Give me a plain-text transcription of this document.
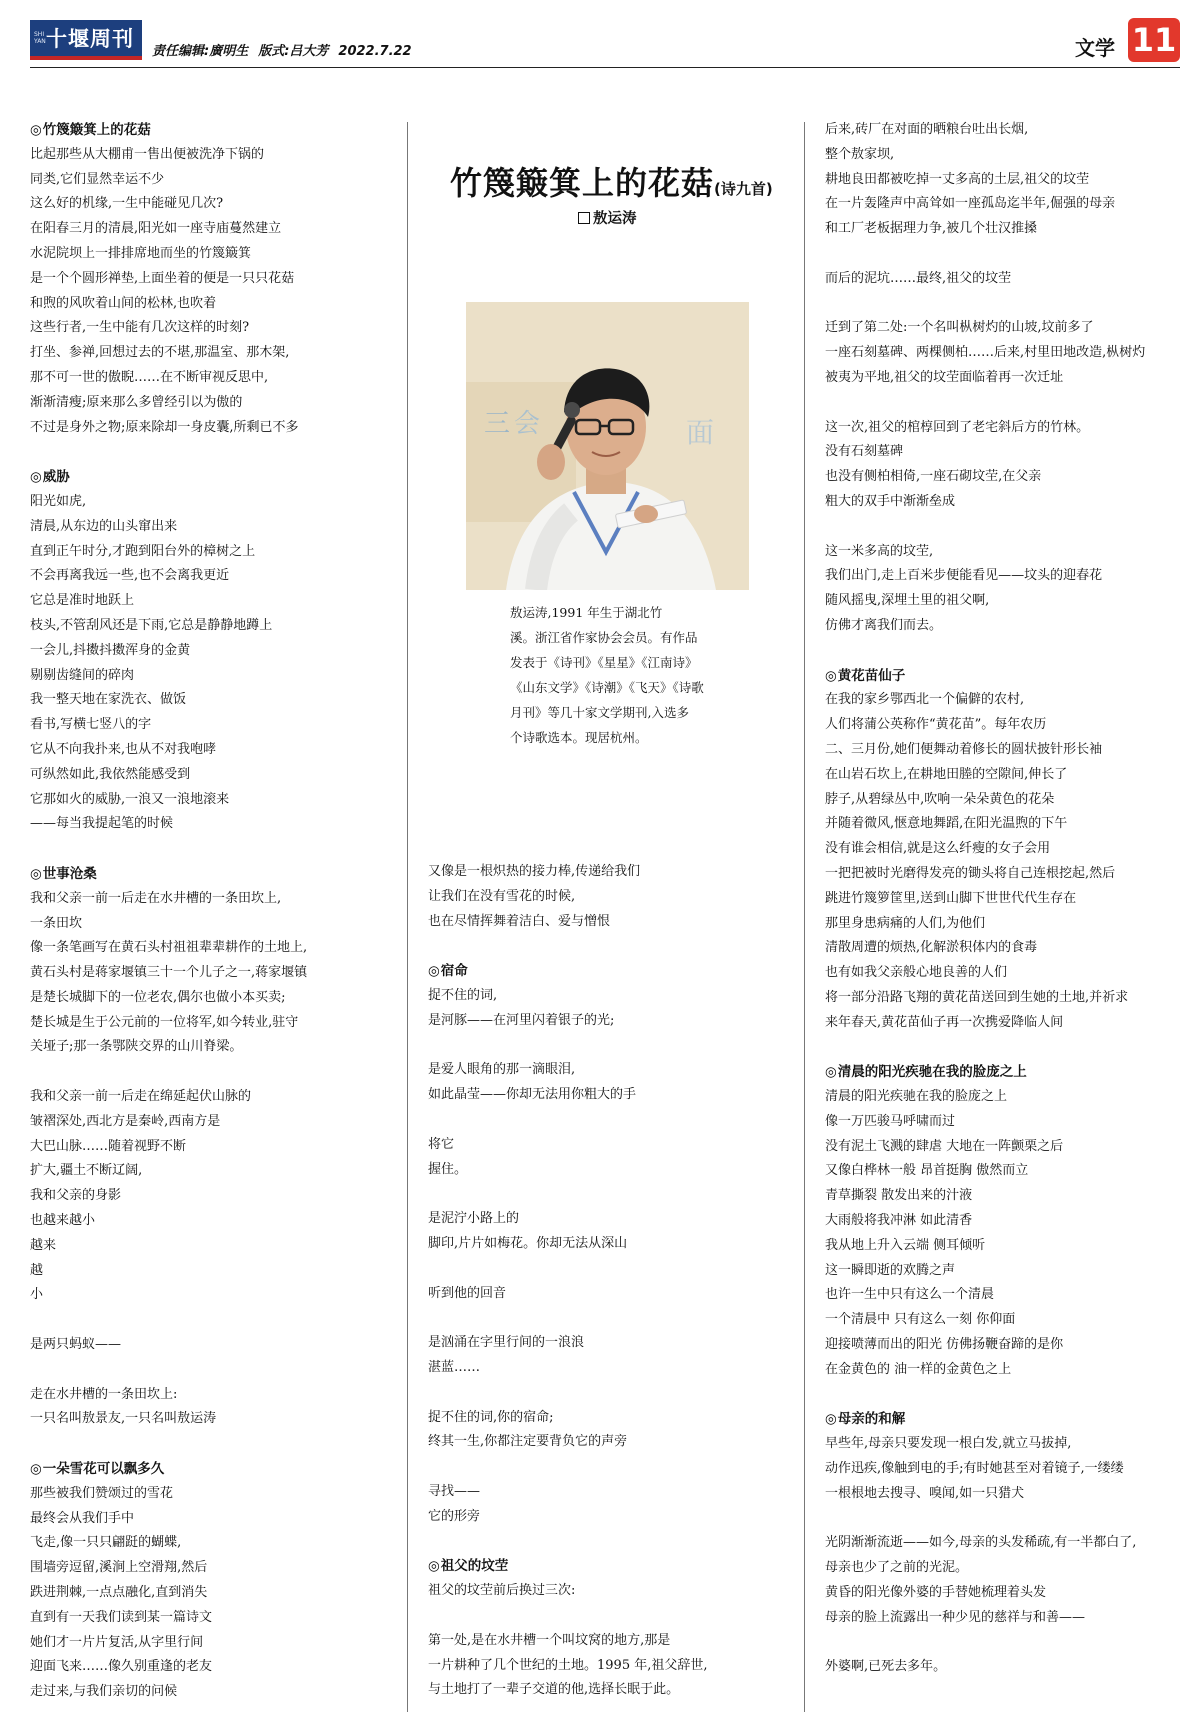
SHI YAN 十堰周刊
责任编辑:廣明生 版式:吕大芳 2022.7.22	文学 11
◎竹篾簸箕上的花菇
比起那些从大棚甫一售出便被洗净下锅的
同类,它们显然幸运不少
这么好的机缘,一生中能碰见几次?
在阳春三月的清晨,阳光如一座寺庙蔓然建立
水泥院坝上一排排席地而坐的竹篾簸箕
是一个个圆形禅垫,上面坐着的便是一只只花菇
和煦的风吹着山间的松林,也吹着
这些行者,一生中能有几次这样的时刻?
打坐、参禅,回想过去的不堪,那温室、那木架,
那不可一世的傲睨……在不断审视反思中,
渐渐清瘦;原来那么多曾经引以为傲的
不过是身外之物;原来除却一身皮囊,所剩已不多
◎威胁
阳光如虎,
清晨,从东边的山头窜出来
直到正午时分,才跑到阳台外的樟树之上
不会再离我远一些,也不会离我更近
它总是准时地跃上
枝头,不管刮风还是下雨,它总是静静地蹲上
一会儿,抖擞抖擞浑身的金黄
剔剔齿缝间的碎肉
我一整天地在家洗衣、做饭
看书,写横七竖八的字
它从不向我扑来,也从不对我咆哮
可纵然如此,我依然能感受到
它那如火的威胁,一浪又一浪地滚来
——每当我提起笔的时候
◎世事沧桑
我和父亲一前一后走在水井槽的一条田坎上,
一条田坎
像一条笔画写在黄石头村祖祖辈辈耕作的土地上,
黄石头村是蒋家堰镇三十一个儿子之一,蒋家堰镇
是楚长城脚下的一位老农,偶尔也做小本买卖;
楚长城是生于公元前的一位将军,如今转业,驻守
关垭子;那一条鄂陕交界的山川脊梁。
我和父亲一前一后走在绵延起伏山脉的
皱褶深处,西北方是秦岭,西南方是
大巴山脉……随着视野不断
扩大,疆土不断辽阔,
我和父亲的身影
也越来越小
越来
越
小
是两只蚂蚁——
走在水井槽的一条田坎上:
一只名叫敖景友,一只名叫敖运涛
◎一朵雪花可以飘多久
那些被我们赞颂过的雪花
最终会从我们手中
飞走,像一只只翩跹的蝴蝶,
围墙旁逗留,溪涧上空滑翔,然后
跌进荆棘,一点点融化,直到消失
直到有一天我们读到某一篇诗文
她们才一片片复活,从字里行间
迎面飞来……像久别重逢的老友
走过来,与我们亲切的问候
竹篾簸箕上的花菇(诗九首)
敖运涛
三 会	面
敖运涛,1991 年生于湖北竹
溪。浙江省作家协会会员。有作品
发表于《诗刊》《星星》《江南诗》
《山东文学》《诗潮》《飞天》《诗歌
月刊》等几十家文学期刊,入选多
个诗歌选本。现居杭州。
又像是一根炽热的接力棒,传递给我们
让我们在没有雪花的时候,
也在尽情挥舞着洁白、爱与憎恨
◎宿命
捉不住的词,
是河豚——在河里闪着银子的光;
是爱人眼角的那一滴眼泪,
如此晶莹——你却无法用你粗大的手
将它
握住。
是泥泞小路上的
脚印,片片如梅花。你却无法从深山
听到他的回音
是汹涌在字里行间的一浪浪
湛蓝……
捉不住的词,你的宿命;
终其一生,你都注定要背负它的声旁
寻找——
它的形旁
◎祖父的坟茔
祖父的坟茔前后换过三次:
第一处,是在水井槽一个叫坟窝的地方,那是
一片耕种了几个世纪的土地。1995 年,祖父辞世,
与土地打了一辈子交道的他,选择长眠于此。
后来,砖厂在对面的晒粮台吐出长烟,
整个敖家坝,
耕地良田都被吃掉一丈多高的土层,祖父的坟茔
在一片轰隆声中高耸如一座孤岛迄半年,倔强的母亲
和工厂老板据理力争,被几个壮汉推搡
而后的泥坑……最终,祖父的坟茔
迁到了第二处:一个名叫枞树灼的山坡,坟前多了
一座石刻墓碑、两棵侧柏……后来,村里田地改造,枞树灼
被夷为平地,祖父的坟茔面临着再一次迁址
这一次,祖父的棺椁回到了老宅斜后方的竹林。
没有石刻墓碑
也没有侧柏相倚,一座石砌坟茔,在父亲
粗大的双手中渐渐垒成
这一米多高的坟茔,
我们出门,走上百米步便能看见——坟头的迎春花
随风摇曳,深埋土里的祖父啊,
仿佛才离我们而去。
◎黄花苗仙子
在我的家乡鄂西北一个偏僻的农村,
人们将蒲公英称作“黄花苗”。每年农历
二、三月份,她们便舞动着修长的圆状披针形长袖
在山岩石坎上,在耕地田塍的空隙间,伸长了
脖子,从碧绿丛中,吹响一朵朵黄色的花朵
并随着微风,惬意地舞蹈,在阳光温煦的下午
没有谁会相信,就是这么纤瘦的女子会用
一把把被时光磨得发亮的锄头将自己连根挖起,然后
跳进竹篾箩筐里,送到山脚下世世代代生存在
那里身患病痛的人们,为他们
清散周遭的烦热,化解淤积体内的食毒
也有如我父亲般心地良善的人们
将一部分沿路飞翔的黄花苗送回到生她的土地,并祈求
来年春天,黄花苗仙子再一次携爱降临人间
◎清晨的阳光疾驰在我的脸庞之上
清晨的阳光疾驰在我的脸庞之上
像一万匹骏马呼啸而过
没有泥土飞溅的肆虐 大地在一阵颤栗之后
又像白桦林一般 昂首挺胸 傲然而立
青草撕裂 散发出来的汁液
大雨般将我冲淋 如此清香
我从地上升入云端 侧耳倾听
这一瞬即逝的欢腾之声
也许一生中只有这么一个清晨
一个清晨中 只有这么一刻 你仰面
迎接喷薄而出的阳光 仿佛扬鞭奋蹄的是你
在金黄色的 油一样的金黄色之上
◎母亲的和解
早些年,母亲只要发现一根白发,就立马拔掉,
动作迅疾,像触到电的手;有时她甚至对着镜子,一缕缕
一根根地去搜寻、嗅闻,如一只猎犬
光阴渐渐流逝——如今,母亲的头发稀疏,有一半都白了,
母亲也少了之前的光泥。
黄昏的阳光像外婆的手替她梳理着头发
母亲的脸上流露出一种少见的慈祥与和善——
外婆啊,已死去多年。
